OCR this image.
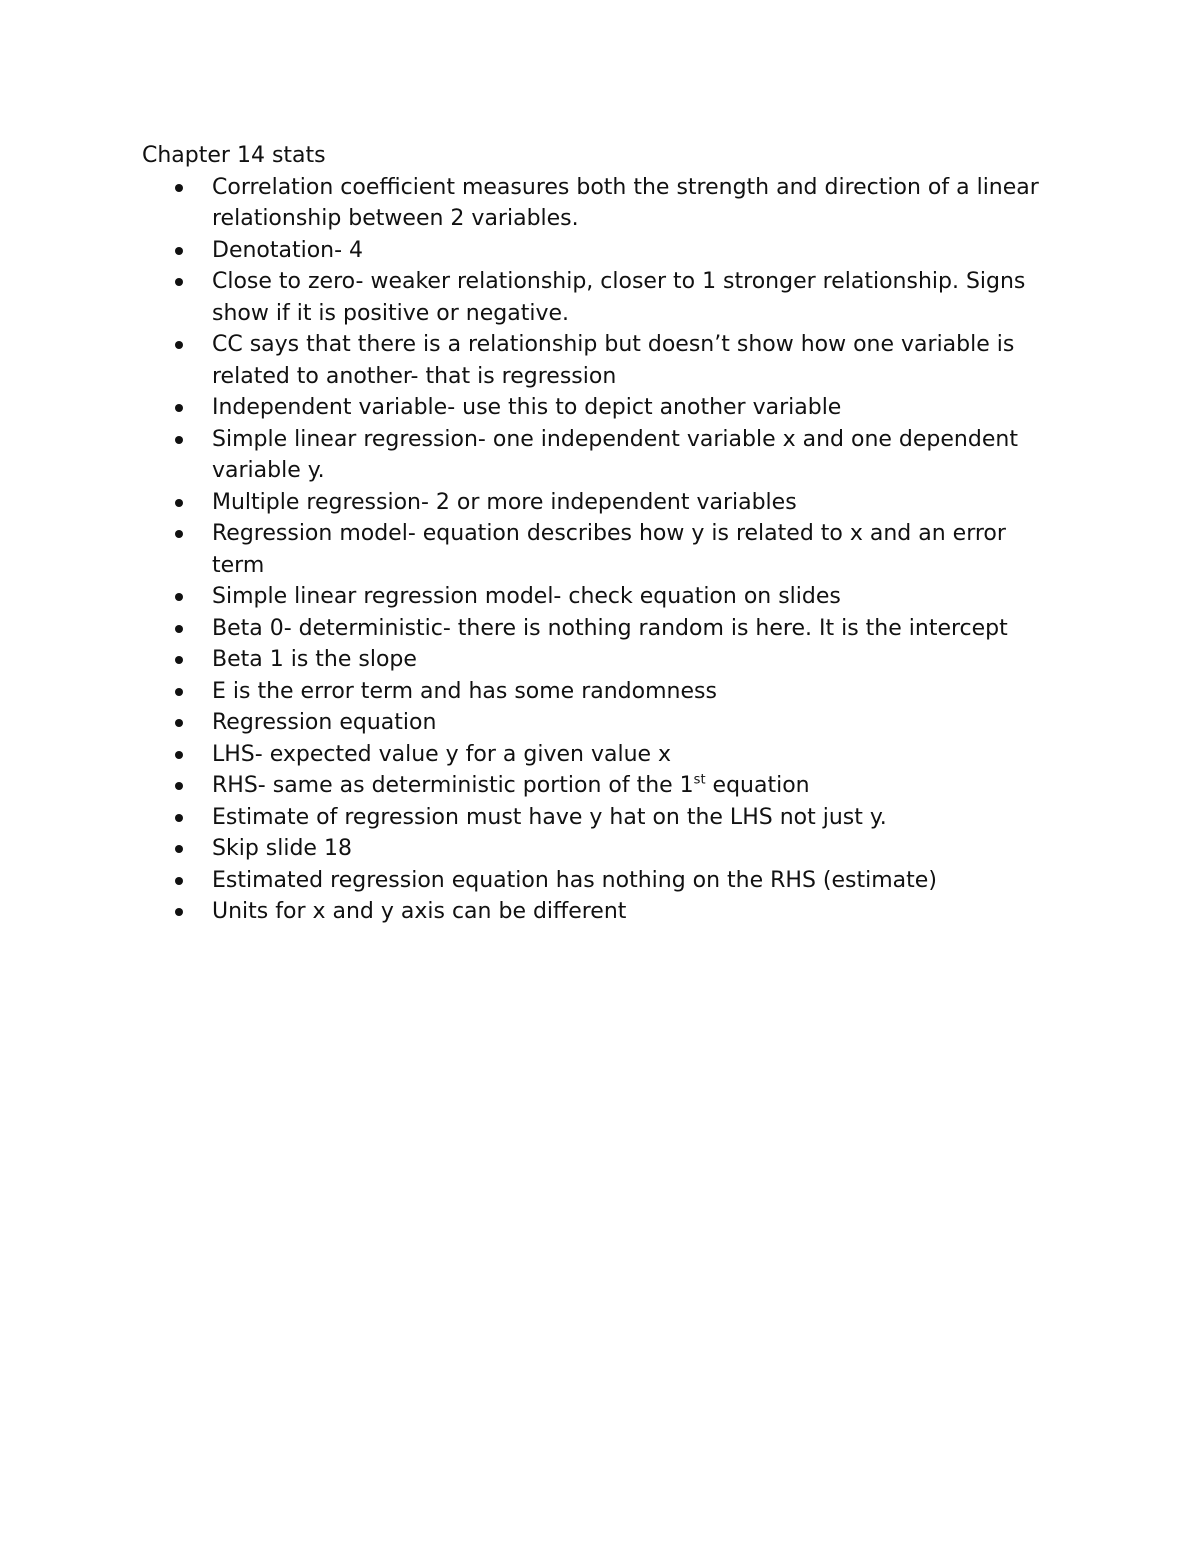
Chapter 14 stats
Correlation coefficient measures both the strength and direction of a linear relationship between 2 variables.
Denotation- 4
Close to zero- weaker relationship, closer to 1 stronger relationship. Signs show if it is positive or negative.
CC says that there is a relationship but doesn’t show how one variable is related to another- that is regression
Independent variable- use this to depict another variable
Simple linear regression- one independent variable x and one dependent variable y.
Multiple regression- 2 or more independent variables
Regression model- equation describes how y is related to x and an error term
Simple linear regression model- check equation on slides
Beta 0- deterministic- there is nothing random is here. It is the intercept
Beta 1 is the slope
E is the error term and has some randomness
Regression equation
LHS- expected value y for a given value x
RHS- same as deterministic portion of the 1st equation
Estimate of regression must have y hat on the LHS not just y.
Skip slide 18
Estimated regression equation has nothing on the RHS (estimate)
Units for x and y axis can be different
